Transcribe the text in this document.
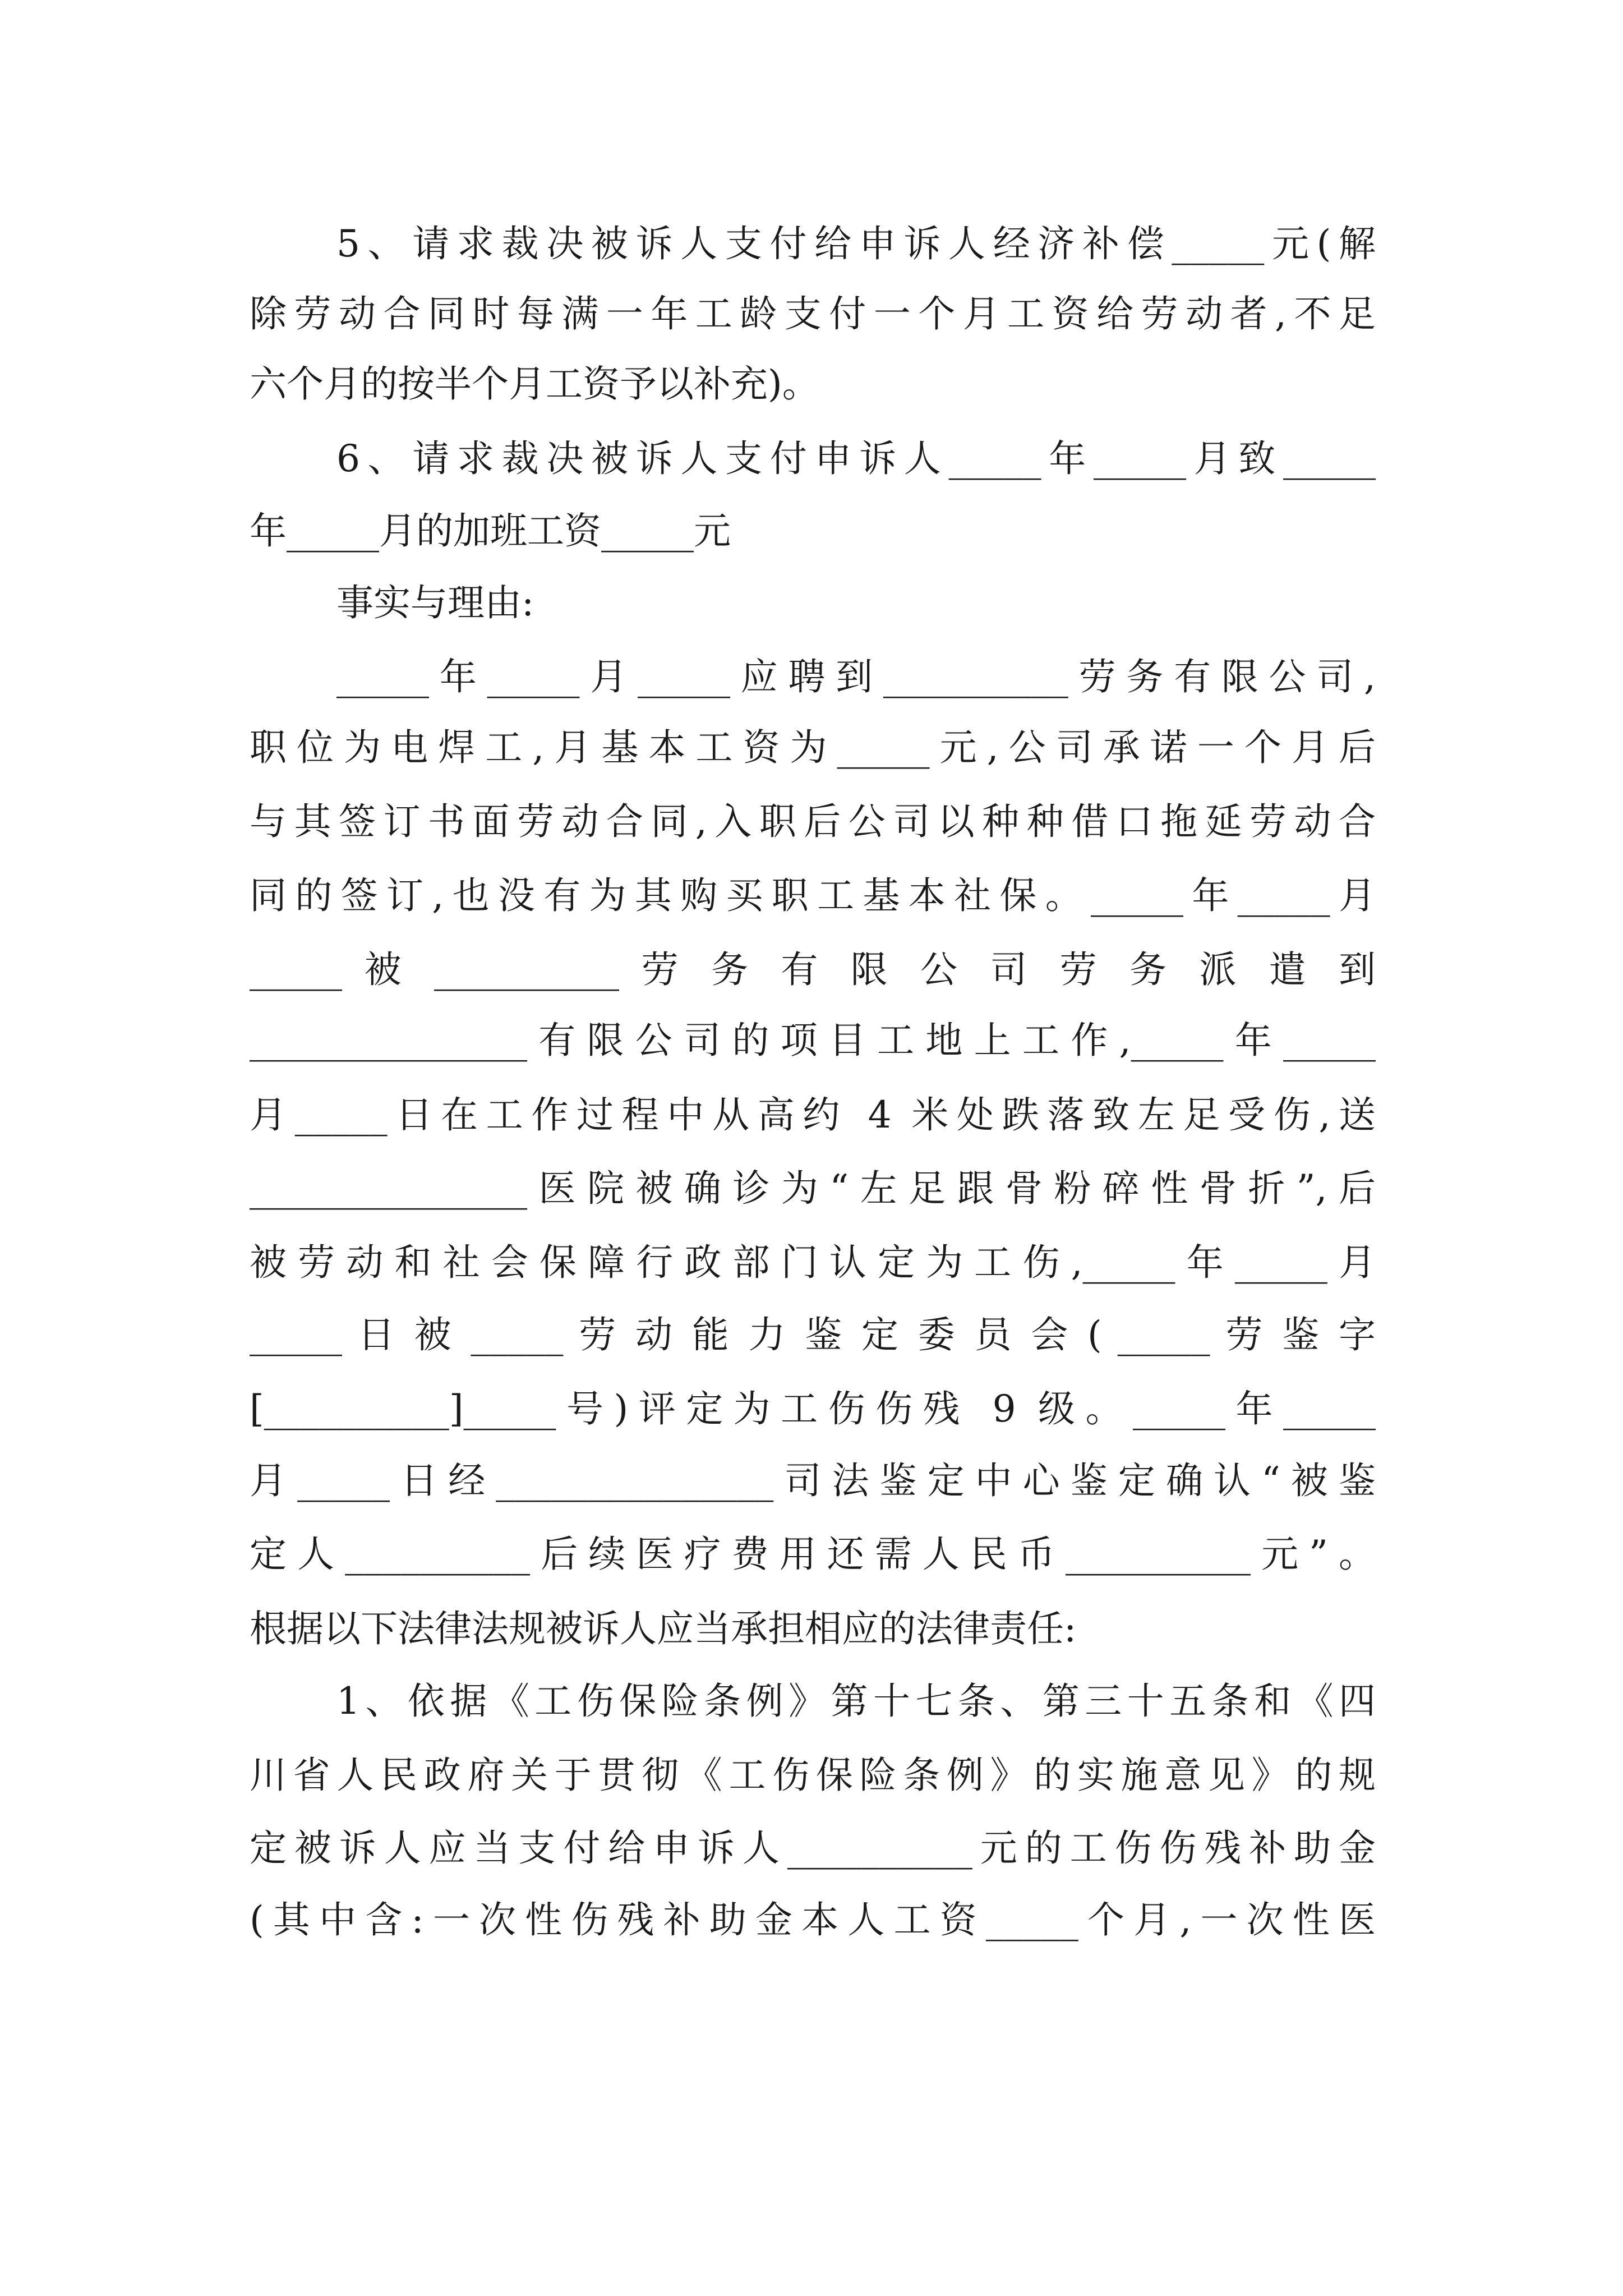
5、请求裁决被诉人支付给申诉人经济补偿_____元(解
除劳动合同时每满一年工龄支付一个月工资给劳动者,不足
六个月的按半个月工资予以补充)。
6、请求裁决被诉人支付申诉人_____年_____月致_____
年_____月的加班工资_____元
事实与理由:
_____年_____月_____应聘到__________劳务有限公司,
职位为电焊工,月基本工资为_____元,公司承诺一个月后
与其签订书面劳动合同,入职后公司以种种借口拖延劳动合
同的签订,也没有为其购买职工基本社保。_____年_____月
_____ 被 __________ 劳 务 有 限 公 司 劳 务 派 遣 到
_______________有限公司的项目工地上工作,_____年_____
月_____日在工作过程中从高约 4 米处跌落致左足受伤,送
_______________医院被确诊为“左足跟骨粉碎性骨折”,后
被劳动和社会保障行政部门认定为工伤,_____年_____月
_____ 日 被 _____ 劳 动 能 力 鉴 定 委 员 会 ( _____ 劳 鉴 字
[__________]_____号)评定为工伤伤残 9 级。_____年_____
月_____日经_______________司法鉴定中心鉴定确认“被鉴
定人__________后续医疗费用还需人民币__________元”。
根据以下法律法规被诉人应当承担相应的法律责任:
1、依据《工伤保险条例》第十七条、第三十五条和《四
川省人民政府关于贯彻《工伤保险条例》的实施意见》的规
定被诉人应当支付给申诉人__________元的工伤伤残补助金
(其中含:一次性伤残补助金本人工资_____个月,一次性医
